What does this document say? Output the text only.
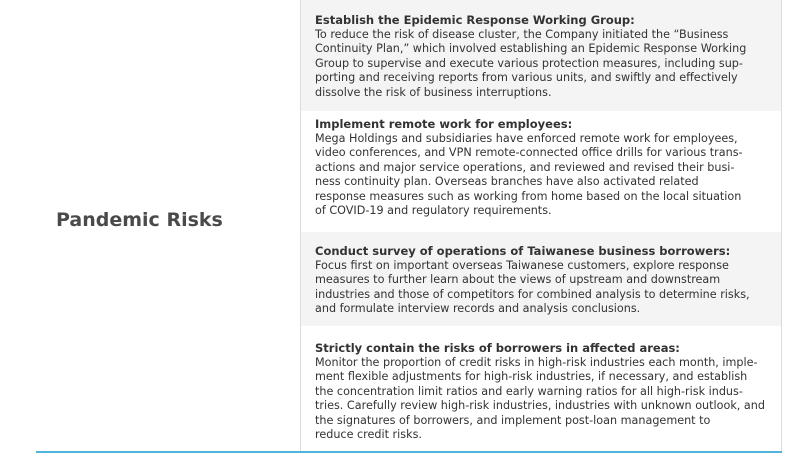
Pandemic Risks
Establish the Epidemic Response Working Group:
To reduce the risk of disease cluster, the Company initiated the “Business
Continuity Plan,” which involved establishing an Epidemic Response Working
Group to supervise and execute various protection measures, including sup-
porting and receiving reports from various units, and swiftly and effectively
dissolve the risk of business interruptions.
Implement remote work for employees:
Mega Holdings and subsidiaries have enforced remote work for employees,
video conferences, and VPN remote-connected office drills for various trans-
actions and major service operations, and reviewed and revised their busi-
ness continuity plan. Overseas branches have also activated related
response measures such as working from home based on the local situation
of COVID-19 and regulatory requirements.
Conduct survey of operations of Taiwanese business borrowers:
Focus first on important overseas Taiwanese customers, explore response
measures to further learn about the views of upstream and downstream
industries and those of competitors for combined analysis to determine risks,
and formulate interview records and analysis conclusions.
Strictly contain the risks of borrowers in affected areas:
Monitor the proportion of credit risks in high-risk industries each month, imple-
ment flexible adjustments for high-risk industries, if necessary, and establish
the concentration limit ratios and early warning ratios for all high-risk indus-
tries. Carefully review high-risk industries, industries with unknown outlook, and
the signatures of borrowers, and implement post-loan management to
reduce credit risks.
